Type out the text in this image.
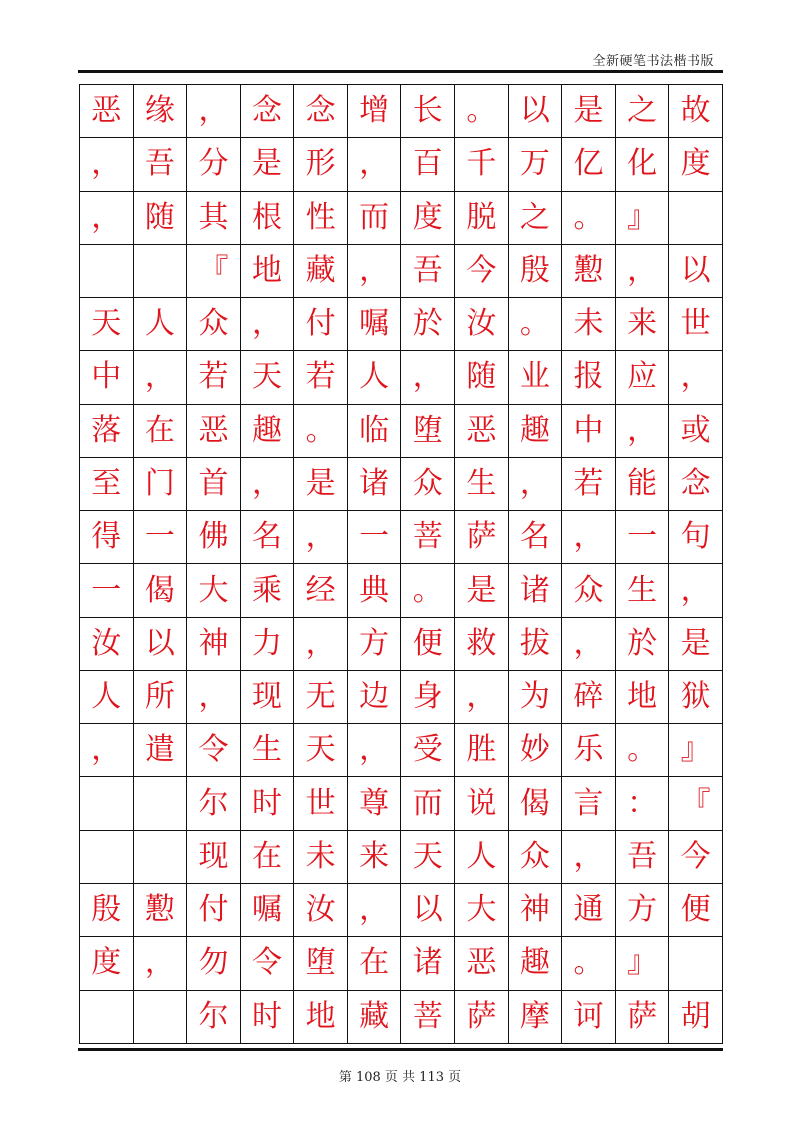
全新硬笔书法楷书版
恶	缘	，	念	念	增	长	。	以	是	之	故
，	吾	分	是	形	，	百	千	万	亿	化	度
，	随	其	根	性	而	度	脱	之	。	』	
		『	地	藏	，	吾	今	殷	懃	，	以
天	人	众	，	付	嘱	於	汝	。	未	来	世
中	，	若	天	若	人	，	随	业	报	应	，
落	在	恶	趣	。	临	堕	恶	趣	中	，	或
至	门	首	，	是	诸	众	生	，	若	能	念
得	一	佛	名	，	一	菩	萨	名	，	一	句
一	偈	大	乘	经	典	。	是	诸	众	生	，
汝	以	神	力	，	方	便	救	拔	，	於	是
人	所	，	现	无	边	身	，	为	碎	地	狱
，	遣	令	生	天	，	受	胜	妙	乐	。	』
		尔	时	世	尊	而	说	偈	言	：	『
		现	在	未	来	天	人	众	，	吾	今
殷	懃	付	嘱	汝	，	以	大	神	通	方	便
度	，	勿	令	堕	在	诸	恶	趣	。	』	
		尔	时	地	藏	菩	萨	摩	诃	萨	胡
第 108 页 共 113 页
